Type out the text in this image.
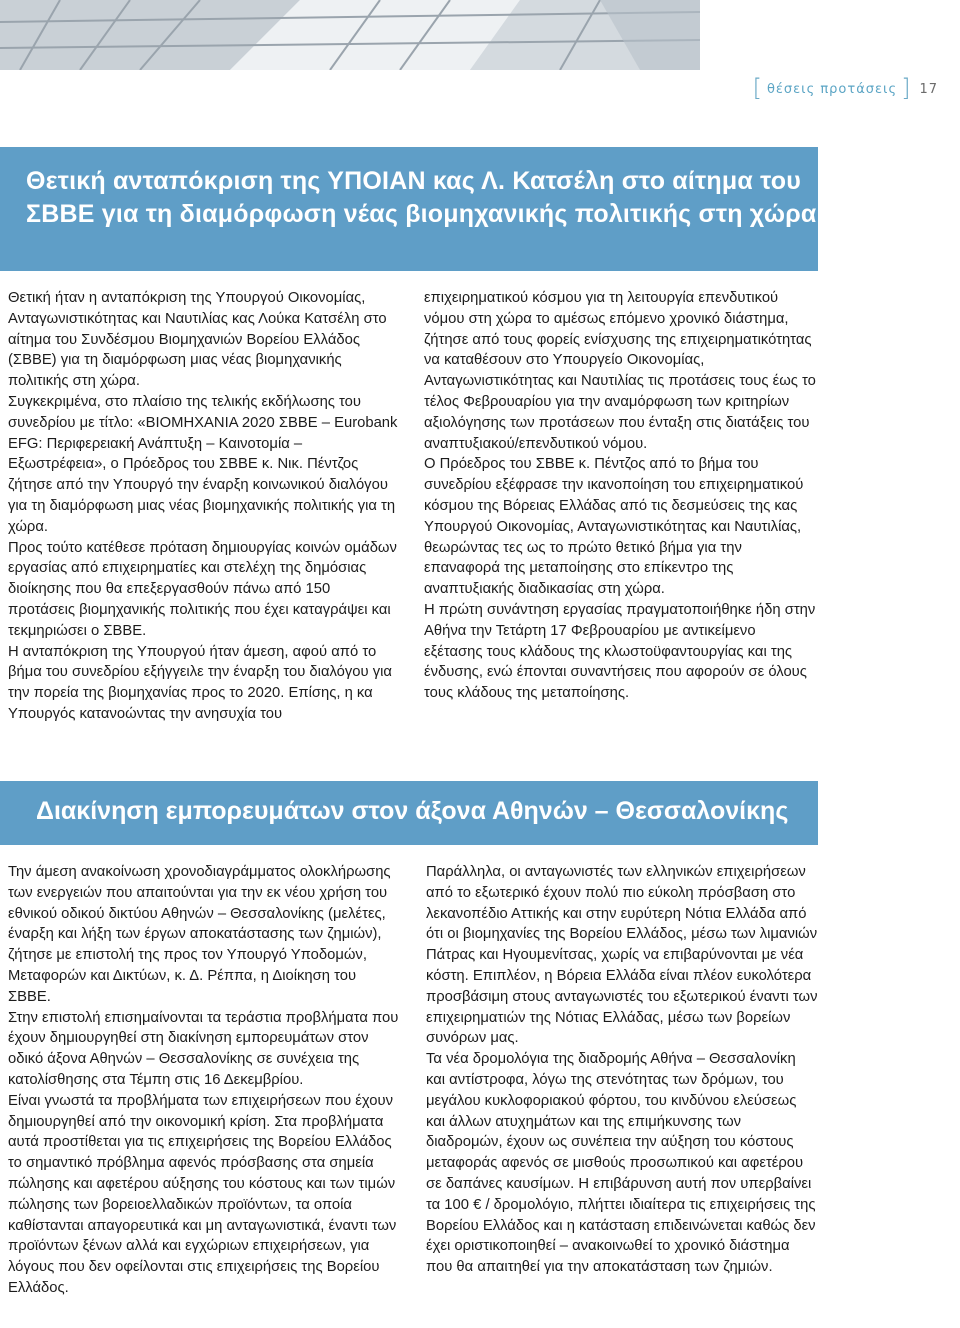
[ θέσεις προτάσεις ] 17
Θετική ανταπόκριση της ΥΠΟΙΑΝ κας Λ. Κατσέλη στο αίτημα του ΣΒΒΕ για τη διαμόρφωση νέας βιομηχανικής πολιτικής στη χώρα

Θετική ήταν η ανταπόκριση της Υπουργού Οικονομίας, Ανταγωνιστικότητας και Ναυτιλίας κας Λούκα Κατσέλη στο αίτημα του Συνδέσμου Βιομηχανιών Βορείου Ελλάδος (ΣΒΒΕ) για τη διαμόρφωση μιας νέας βιομηχανικής πολιτικής στη χώρα.

Συγκεκριμένα, στο πλαίσιο της τελικής εκδήλωσης του συνεδρίου με τίτλο: «ΒΙΟΜΗΧΑΝΙΑ 2020 ΣΒΒΕ – Eurobank EFG: Περιφερειακή Ανάπτυξη – Καινοτομία – Εξωστρέφεια», ο Πρόεδρος του ΣΒΒΕ κ. Νικ. Πέντζος ζήτησε από την Υπουργό την έναρξη κοινωνικού διαλόγου για τη διαμόρφωση μιας νέας βιομηχανικής πολιτικής για τη χώρα.

Προς τούτο κατέθεσε πρόταση δημιουργίας κοινών ομάδων εργασίας από επιχειρηματίες και στελέχη της δημόσιας διοίκησης που θα επεξεργασθούν πάνω από 150 προτάσεις βιομηχανικής πολιτικής που έχει καταγράψει και τεκμηριώσει ο ΣΒΒΕ.

Η ανταπόκριση της Υπουργού ήταν άμεση, αφού από το βήμα του συνεδρίου εξήγγειλε την έναρξη του διαλόγου για την πορεία της βιομηχανίας προς το 2020. Επίσης, η κα Υπουργός κατανοώντας την ανησυχία του

επιχειρηματικού κόσμου για τη λειτουργία επενδυτικού νόμου στη χώρα το αμέσως επόμενο χρονικό διάστημα, ζήτησε από τους φορείς ενίσχυσης της επιχειρηματικότητας να καταθέσουν στο Υπουργείο Οικονομίας, Ανταγωνιστικότητας και Ναυτιλίας τις προτάσεις τους έως το τέλος Φεβρουαρίου για την αναμόρφωση των κριτηρίων αξιολόγησης των προτάσεων που ένταξη στις διατάξεις του αναπτυξιακού/επενδυτικού νόμου.

Ο Πρόεδρος του ΣΒΒΕ κ. Πέντζος από το βήμα του συνεδρίου εξέφρασε την ικανοποίηση του επιχειρηματικού κόσμου της Βόρειας Ελλάδας από τις δεσμεύσεις της κας Υπουργού Οικονομίας, Ανταγωνιστικότητας και Ναυτιλίας, θεωρώντας τες ως το πρώτο θετικό βήμα για την επαναφορά της μεταποίησης στο επίκεντρο της αναπτυξιακής διαδικασίας στη χώρα.

Η πρώτη συνάντηση εργασίας πραγματοποιήθηκε ήδη στην Αθήνα την Τετάρτη 17 Φεβρουαρίου με αντικείμενο εξέτασης τους κλάδους της κλωστοϋφαντουργίας και της ένδυσης, ενώ έπονται συναντήσεις που αφορούν σε όλους τους κλάδους της μεταποίησης.

Διακίνηση εμπορευμάτων στον άξονα Αθηνών – Θεσσαλονίκης

Την άμεση ανακοίνωση χρονοδιαγράμματος ολοκλήρωσης των ενεργειών που απαιτούνται για την εκ νέου χρήση του εθνικού οδικού δικτύου Αθηνών – Θεσσαλονίκης (μελέτες, έναρξη και λήξη των έργων αποκατάστασης των ζημιών), ζήτησε με επιστολή της προς τον Υπουργό Υποδομών, Μεταφορών και Δικτύων, κ. Δ. Ρέππα, η Διοίκηση του ΣΒΒΕ.

Στην επιστολή επισημαίνονται τα τεράστια προβλήματα που έχουν δημιουργηθεί στη διακίνηση εμπορευμάτων στον οδικό άξονα Αθηνών – Θεσσαλονίκης σε συνέχεια της κατολίσθησης στα Τέμπη στις 16 Δεκεμβρίου.

Είναι γνωστά τα προβλήματα των επιχειρήσεων που έχουν δημιουργηθεί από την οικονομική κρίση. Στα προβλήματα αυτά προστίθεται για τις επιχειρήσεις της Βορείου Ελλάδος το σημαντικό πρόβλημα αφενός πρόσβασης στα σημεία πώλησης και αφετέρου αύξησης του κόστους και των τιμών πώλησης των βορειοελλαδικών προϊόντων, τα οποία καθίστανται απαγορευτικά και μη ανταγωνιστικά, έναντι των προϊόντων ξένων αλλά και εγχώριων επιχειρήσεων, για λόγους που δεν οφείλονται στις επιχειρήσεις της Βορείου Ελλάδος.

Παράλληλα, οι ανταγωνιστές των ελληνικών επιχειρήσεων από το εξωτερικό έχουν πολύ πιο εύκολη πρόσβαση στο λεκανοπέδιο Αττικής και στην ευρύτερη Νότια Ελλάδα από ότι οι βιομηχανίες της Βορείου Ελλάδος, μέσω των λιμανιών Πάτρας και Ηγουμενίτσας, χωρίς να επιβαρύνονται με νέα κόστη. Επιπλέον, η Βόρεια Ελλάδα είναι πλέον ευκολότερα προσβάσιμη στους ανταγωνιστές του εξωτερικού έναντι των επιχειρηματιών της Νότιας Ελλάδας, μέσω των βορείων συνόρων μας.

Τα νέα δρομολόγια της διαδρομής Αθήνα – Θεσσαλονίκη και αντίστροφα, λόγω της στενότητας των δρόμων, του μεγάλου κυκλοφοριακού φόρτου, του κινδύνου ελεύσεως και άλλων ατυχημάτων και της επιμήκυνσης των διαδρομών, έχουν ως συνέπεια την αύξηση του κόστους μεταφοράς αφενός σε μισθούς προσωπικού και αφετέρου σε δαπάνες καυσίμων. Η επιβάρυνση αυτή πον υπερβαίνει τα 100 € / δρομολόγιο, πλήττει ιδιαίτερα τις επιχειρήσεις της Βορείου Ελλάδος και η κατάσταση επιδεινώνεται καθώς δεν έχει οριστικοποιηθεί – ανακοινωθεί το χρονικό διάστημα που θα απαιτηθεί για την αποκατάσταση των ζημιών.
